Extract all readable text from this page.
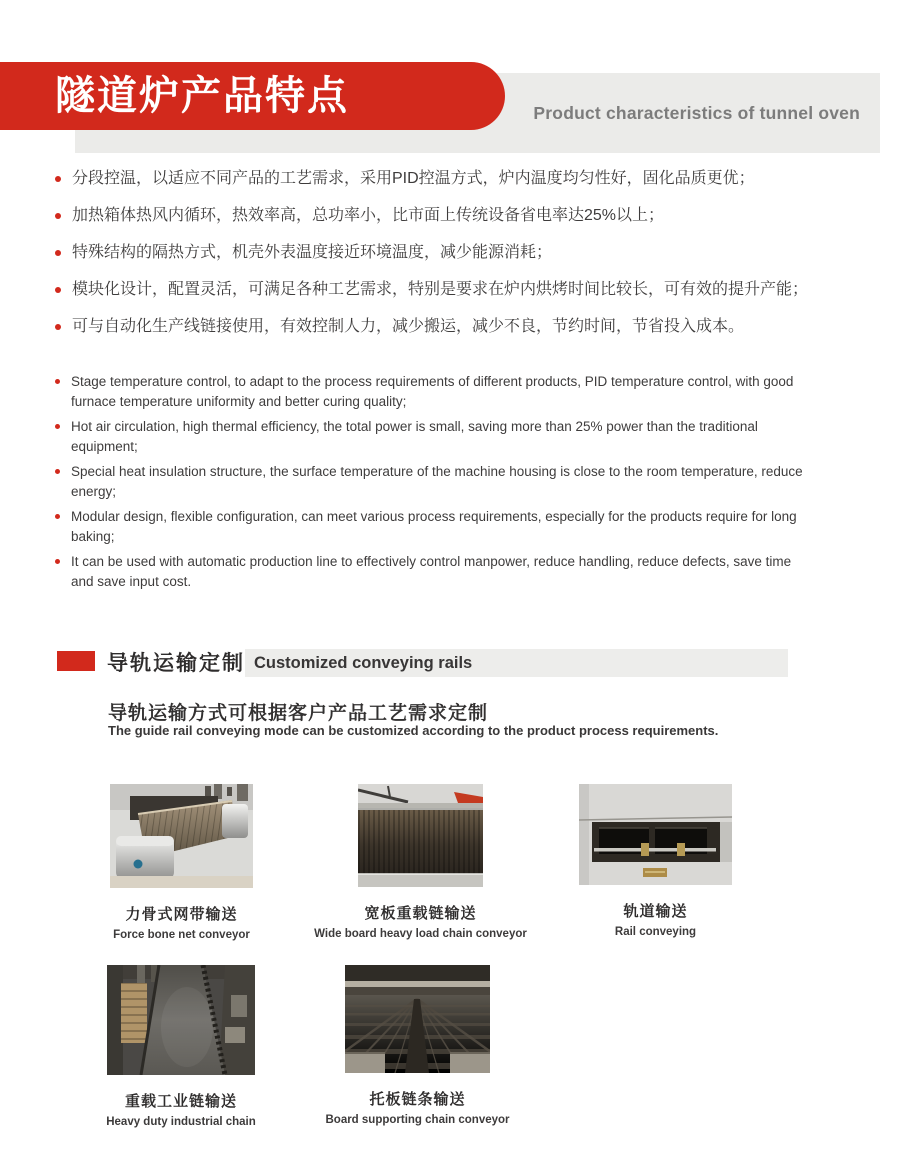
Product characteristics of tunnel oven
隧道炉产品特点
分段控温，以适应不同产品的工艺需求，采用PID控温方式，炉内温度均匀性好，固化品质更优；
加热箱体热风内循环，热效率高，总功率小，比市面上传统设备省电率达25%以上；
特殊结构的隔热方式，机壳外表温度接近环境温度，减少能源消耗；
模块化设计，配置灵活，可满足各种工艺需求，特别是要求在炉内烘烤时间比较长，可有效的提升产能；
可与自动化生产线链接使用，有效控制人力，减少搬运，减少不良，节约时间，节省投入成本。
Stage temperature control, to adapt to the process requirements of different products, PID temperature control, with good furnace temperature uniformity and better curing quality;
Hot air circulation, high thermal efficiency, the total power is small, saving more than 25% power than the traditional equipment;
Special heat insulation structure, the surface temperature of the machine housing is close to the room temperature, reduce energy;
Modular design, flexible configuration, can meet various process requirements, especially for the products require for long baking;
It can be used with automatic production line to effectively control manpower, reduce handling, reduce defects, save time and save input cost.
导轨运输定制 Customized conveying rails
导轨运输方式可根据客户产品工艺需求定制
The guide rail conveying mode can be customized according to the product process requirements.
力骨式网带输送
Force bone net conveyor
宽板重载链输送
Wide board heavy load chain conveyor
轨道输送
Rail conveying
重载工业链输送
Heavy duty industrial chain
托板链条输送
Board supporting chain conveyor
